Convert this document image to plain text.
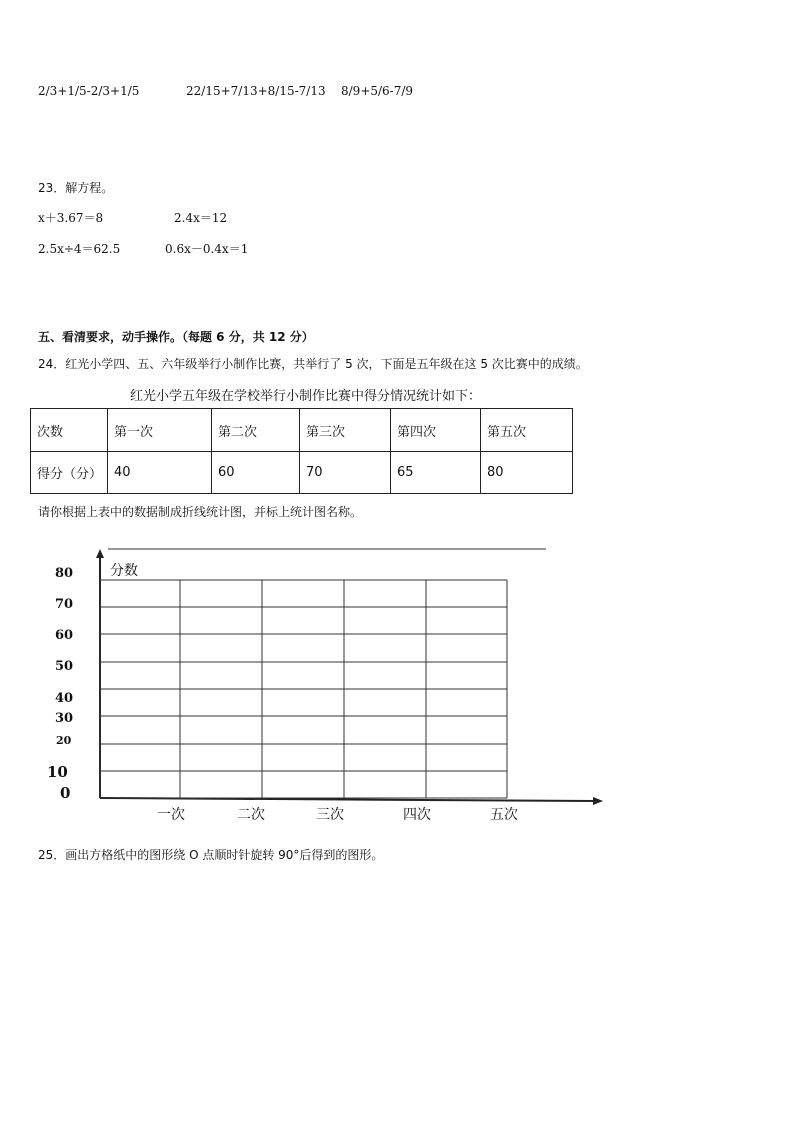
2/3+1/5-2/3+1/5	22/15+7/13+8/15-7/13 8/9+5/6-7/9
23．解方程。
x＋3.67＝8	2.4x＝12
2.5x÷4＝62.5	0.6x－0.4x＝1
五、看清要求，动手操作。（每题 6 分，共 12 分）
24．红光小学四、五、六年级举行小制作比赛，共举行了 5 次，下面是五年级在这 5 次比赛中的成绩。
红光小学五年级在学校举行小制作比赛中得分情况统计如下：
次数	第一次	第二次	第三次	第四次	第五次
得分（分）	40	60	70	65	80
请你根据上表中的数据制成折线统计图，并标上统计图名称。
分数
80
70
60
50
40
30
20
10
0
一次	二次	三次	四次	五次
25．画出方格纸中的图形绕 O 点顺时针旋转 90°后得到的图形。
